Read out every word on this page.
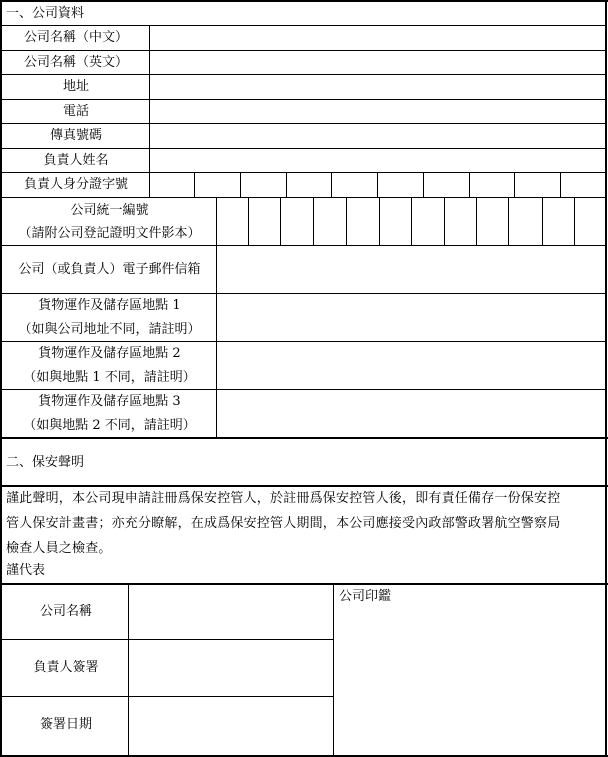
一、公司資料
公司名稱（中文）
公司名稱（英文）
地址
電話
傳真號碼
負責人姓名
負責人身分證字號
公司統一編號
（請附公司登記證明文件影本）
公司（或負責人）電子郵件信箱
貨物運作及儲存區地點 1
（如與公司地址不同，請註明）
貨物運作及儲存區地點 2
（如與地點 1 不同，請註明）
貨物運作及儲存區地點 3
（如與地點 2 不同，請註明）
二、保安聲明
謹此聲明，本公司現申請註冊爲保安控管人，於註冊爲保安控管人後，即有責任備存一份保安控
管人保安計畫書；亦充分瞭解，在成爲保安控管人期間，本公司應接受內政部警政署航空警察局
檢查人員之檢查。
謹代表
公司名稱
負責人簽署
簽署日期
公司印鑑
